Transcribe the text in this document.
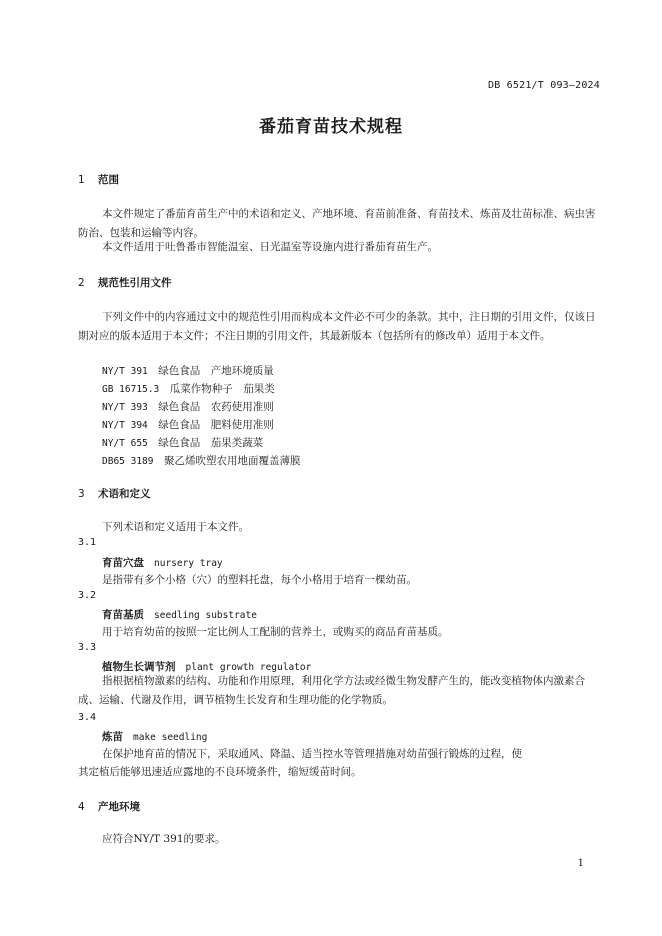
DB 6521/T 093—2024
番茄育苗技术规程
1 范围
本文件规定了番茄育苗生产中的术语和定义、产地环境、育苗前准备、育苗技术、炼苗及壮苗标准、病虫害防治、包装和运输等内容。
本文件适用于吐鲁番市智能温室、日光温室等设施内进行番茄育苗生产。
2 规范性引用文件
下列文件中的内容通过文中的规范性引用而构成本文件必不可少的条款。其中，注日期的引用文件，仅该日期对应的版本适用于本文件；不注日期的引用文件，其最新版本（包括所有的修改单）适用于本文件。
NY/T 391　 绿色食品　产地环境质量
GB 16715.3　 瓜菜作物种子　茄果类
NY/T 393　 绿色食品　农药使用准则
NY/T 394　 绿色食品　肥料使用准则
NY/T 655　 绿色食品　茄果类蔬菜
DB65 3189　 聚乙烯吹塑农用地面覆盖薄膜
3 术语和定义
下列术语和定义适用于本文件。
3.1
育苗穴盘 nursery tray
是指带有多个小格（穴）的塑料托盘，每个小格用于培育一棵幼苗。
3.2
育苗基质 seedling substrate
用于培育幼苗的按照一定比例人工配制的营养土，或购买的商品育苗基质。
3.3
植物生长调节剂 plant growth regulator
指根据植物激素的结构、功能和作用原理，利用化学方法或经微生物发酵产生的，能改变植物体内激素合成、运输、代谢及作用，调节植物生长发育和生理功能的化学物质。
3.4
炼苗 make seedling
在保护地育苗的情况下，采取通风、降温、适当控水等管理措施对幼苗强行锻炼的过程，使
其定植后能够迅速适应露地的不良环境条件，缩短缓苗时间。
4 产地环境
应符合NY/T 391的要求。
1
